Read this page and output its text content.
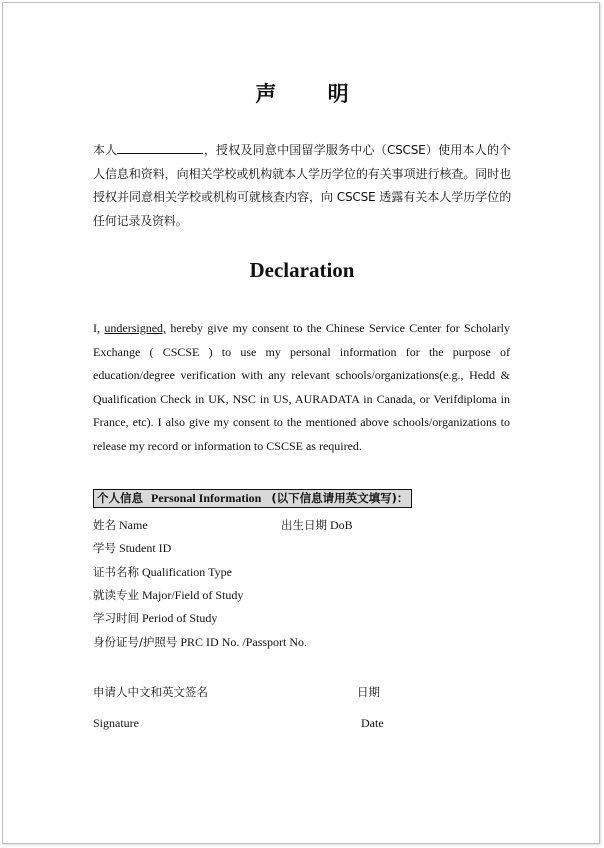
声 明
本人	，授权及同意中国留学服务中心（CSCSE）使用本人的个人信息和资料，向相关学校或机构就本人学历学位的有关事项进行核查。同时也授权并同意相关学校或机构可就核查内容，向 CSCSE 透露有关本人学历学位的任何记录及资料。
Declaration
I, undersigned, hereby give my consent to the Chinese Service Center for Scholarly Exchange ( CSCSE ) to use my personal information for the purpose of education/degree verification with any relevant schools/organizations(e.g., Hedd & Qualification Check in UK, NSC in US, AURADATA in Canada, or Verifdiploma in France, etc). I also give my consent to the mentioned above schools/organizations to release my record or information to CSCSE as required.
个人信息 Personal Information (以下信息请用英文填写)：
姓名 Name	出生日期 DoB
学号 Student ID
证书名称 Qualification Type
就读专业 Major/Field of Study
学习时间 Period of Study
身份证号/护照号 PRC ID No. /Passport No.
申请人中文和英文签名	日期
Signature	Date
